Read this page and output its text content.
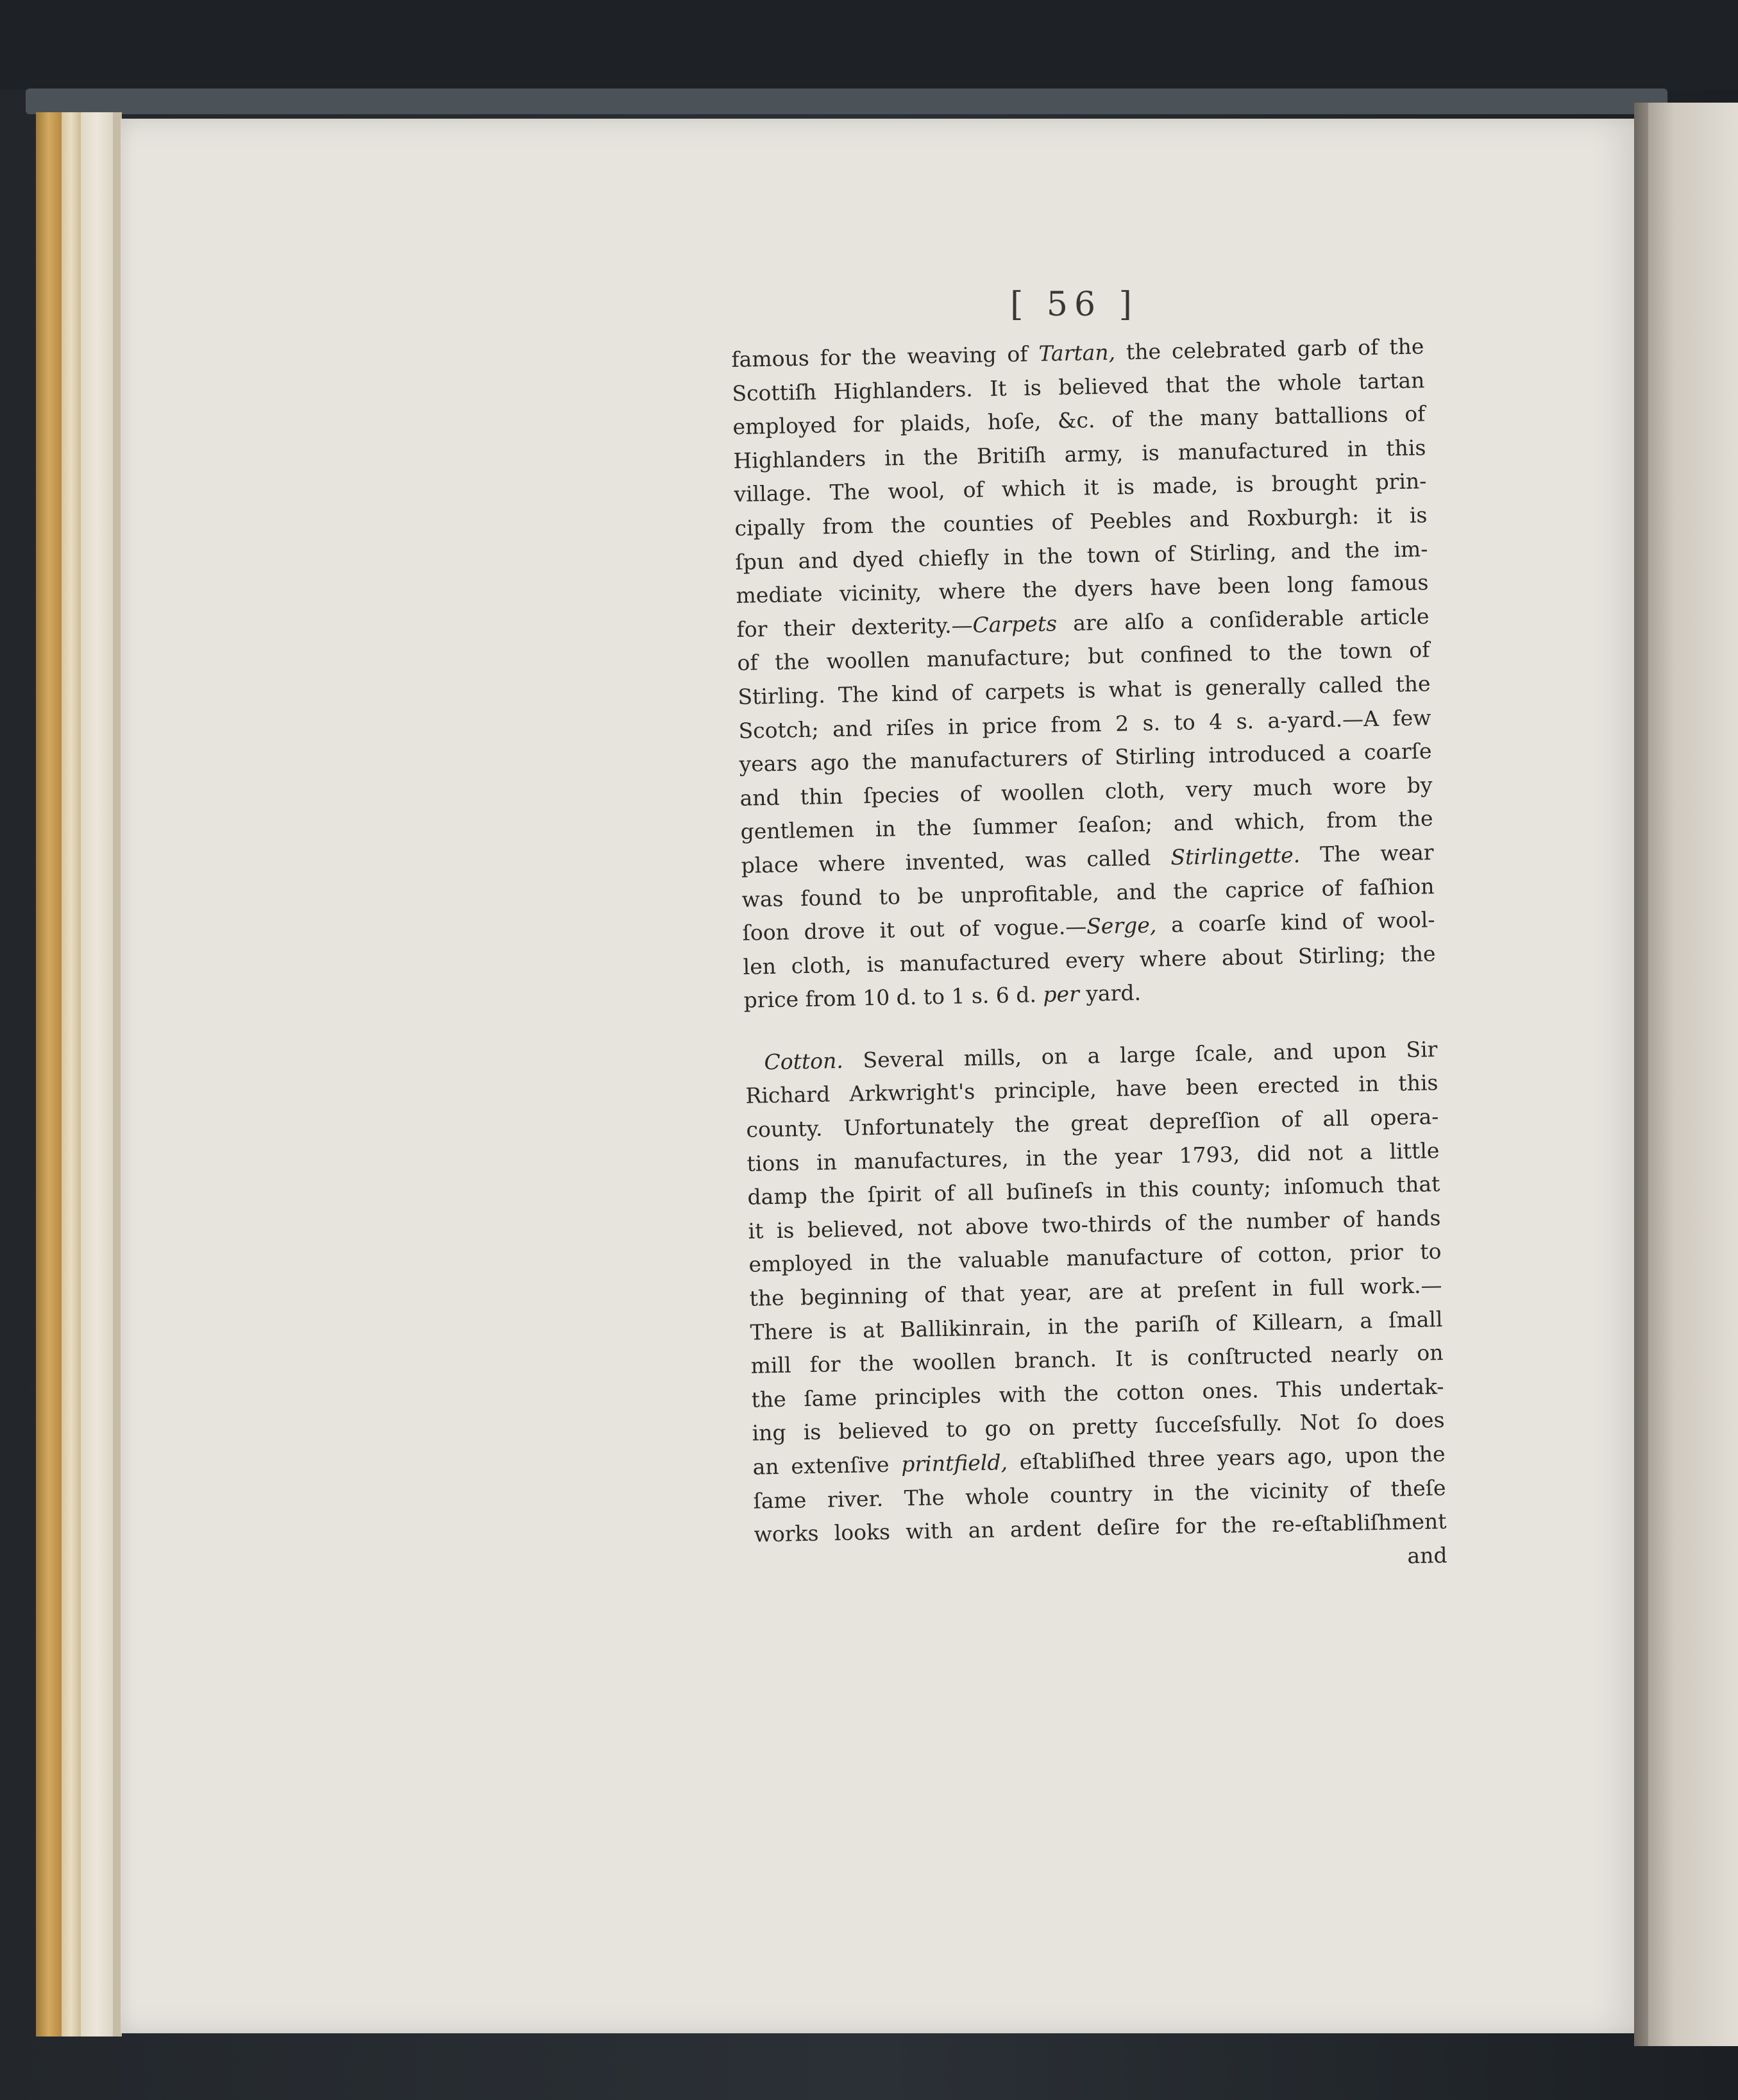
[ 56 ]
famous for the weaving of Tartan, the celebrated garb of the
Scottiſh Highlanders. It is believed that the whole tartan
employed for plaids, hoſe, &c. of the many battallions of
Highlanders in the Britiſh army, is manufactured in this
village. The wool, of which it is made, is brought prin-
cipally from the counties of Peebles and Roxburgh: it is
ſpun and dyed chiefly in the town of Stirling, and the im-
mediate vicinity, where the dyers have been long famous
for their dexterity.—Carpets are alſo a conſiderable article
of the woollen manufacture; but confined to the town of
Stirling. The kind of carpets is what is generally called the
Scotch; and riſes in price from 2 s. to 4 s. a-yard.—A few
years ago the manufacturers of Stirling introduced a coarſe
and thin ſpecies of woollen cloth, very much wore by
gentlemen in the ſummer ſeaſon; and which, from the
place where invented, was called Stirlingette. The wear
was found to be unprofitable, and the caprice of faſhion
ſoon drove it out of vogue.—Serge, a coarſe kind of wool-
len cloth, is manufactured every where about Stirling; the
price from 10 d. to 1 s. 6 d. per yard.
Cotton. Several mills, on a large ſcale, and upon Sir
Richard Arkwright's principle, have been erected in this
county. Unfortunately the great depreſſion of all opera-
tions in manufactures, in the year 1793, did not a little
damp the ſpirit of all buſineſs in this county; inſomuch that
it is believed, not above two-thirds of the number of hands
employed in the valuable manufacture of cotton, prior to
the beginning of that year, are at preſent in full work.—
There is at Ballikinrain, in the pariſh of Killearn, a ſmall
mill for the woollen branch. It is conſtructed nearly on
the ſame principles with the cotton ones. This undertak-
ing is believed to go on pretty ſucceſsfully. Not ſo does
an extenſive printfield, eſtabliſhed three years ago, upon the
ſame river. The whole country in the vicinity of theſe
works looks with an ardent deſire for the re-eſtabliſhment
and
